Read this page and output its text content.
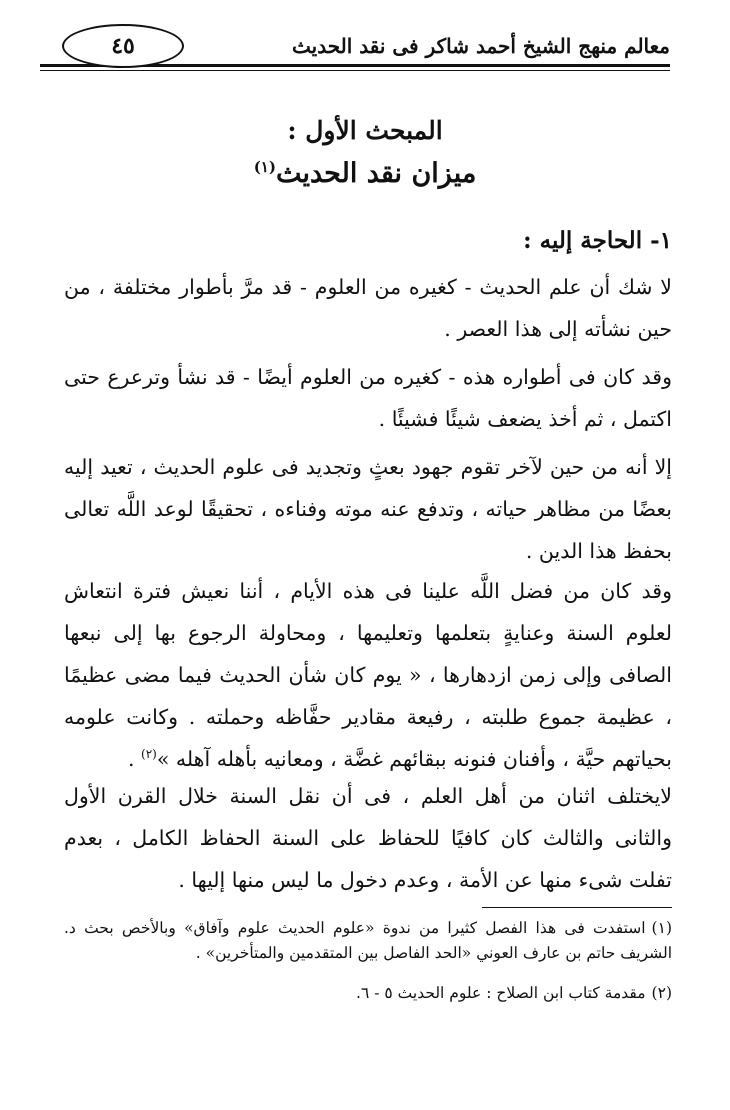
معالم منهج الشيخ أحمد شاكر فى نقد الحديث
٤٥
المبحث الأول :
ميزان نقد الحديث$^{(١)}$
١- الحاجة إليه :
لا شك أن علم الحديث - كغيره من العلوم - قد مرَّ بأطوار مختلفة ، من حين نشأته إلى هذا العصر .
وقد كان فى أطواره هذه - كغيره من العلوم أيضًا - قد نشأ وترعرع حتى اكتمل ، ثم أخذ يضعف شيئًا فشيئًا .
إلا أنه من حين لآخر تقوم جهود بعثٍ وتجديد فى علوم الحديث ، تعيد إليه بعضًا من مظاهر حياته ، وتدفع عنه موته وفناءه ، تحقيقًا لوعد اللَّه تعالى بحفظ هذا الدين .
وقد كان من فضل اللَّه علينا فى هذه الأيام ، أننا نعيش فترة انتعاش لعلوم السنة وعنايةٍ بتعلمها وتعليمها ، ومحاولة الرجوع بها إلى نبعها الصافى وإلى زمن ازدهارها ، « يوم كان شأن الحديث فيما مضى عظيمًا ، عظيمة جموع طلبته ، رفيعة مقادير حفَّاظه وحملته . وكانت علومه بحياتهم حيَّة ، وأفنان فنونه ببقائهم غضَّة ، ومعانيه بأهله آهله »$^{(٢)}$ .
لايختلف اثنان من أهل العلم ، فى أن نقل السنة خلال القرن الأول والثانى والثالث كان كافيًا للحفاظ على السنة الحفاظ الكامل ، بعدم تفلت شىء منها عن الأمة ، وعدم دخول ما ليس منها إليها .
(١)استفدت فى هذا الفصل كثيرا من ندوة «علوم الحديث علوم وآفاق» وبالأخص بحث د. الشريف حاتم بن عارف العوني «الحد الفاصل بين المتقدمين والمتأخرين» .
(٢)مقدمة كتاب ابن الصلاح : علوم الحديث ٥ - ٦.
